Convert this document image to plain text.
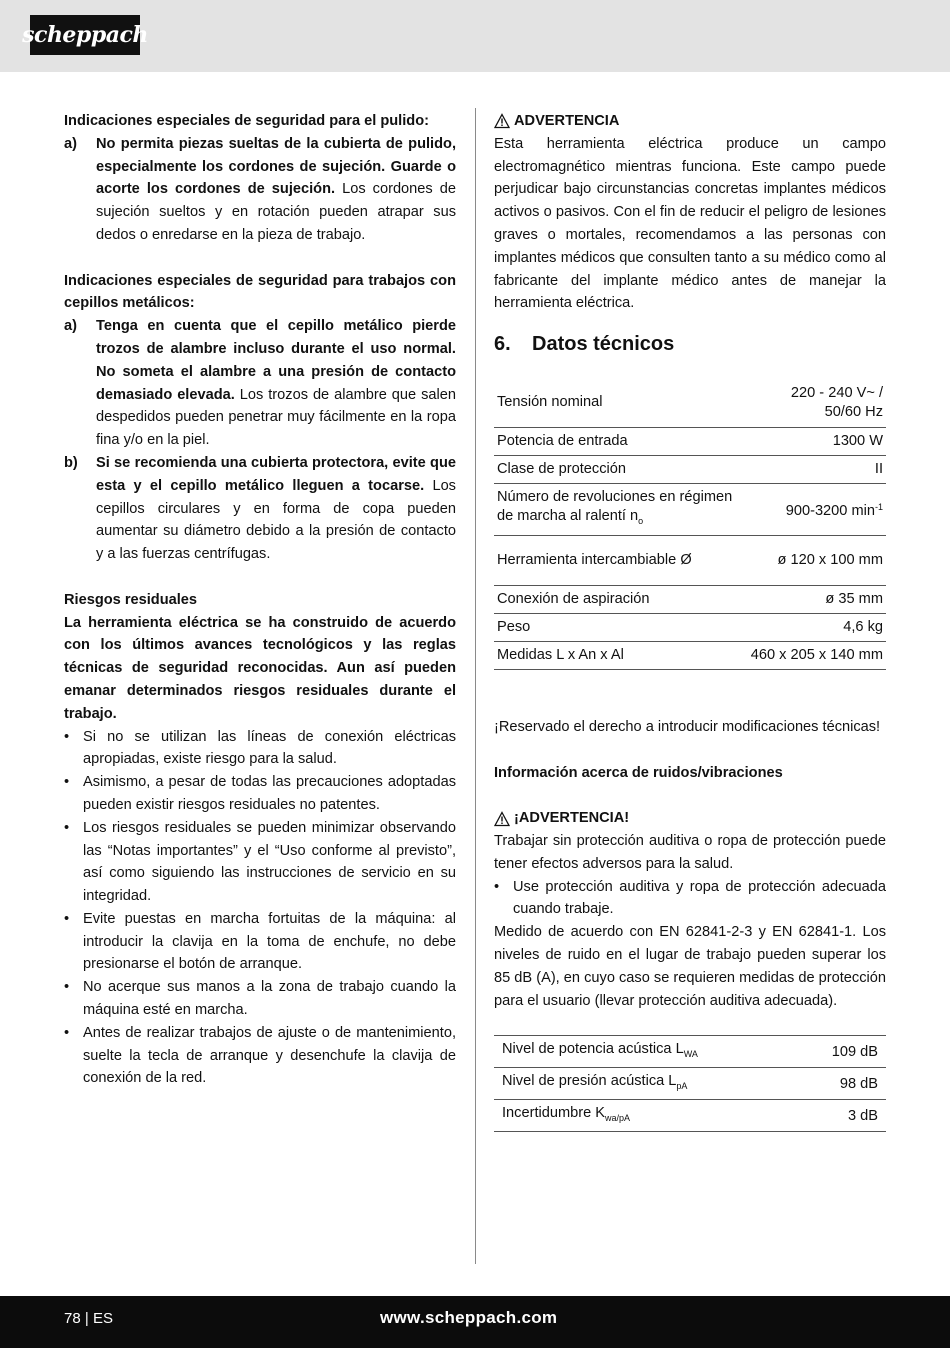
scheppach

Indicaciones especiales de seguridad para el pulido:

a)	No permita piezas sueltas de la cubierta de pulido, especialmente los cordones de sujeción. Guarde o acorte los cordones de sujeción. Los cordones de sujeción sueltos y en rotación pueden atrapar sus dedos o enredarse en la pieza de trabajo.

Indicaciones especiales de seguridad para trabajos con cepillos metálicos:

a)	Tenga en cuenta que el cepillo metálico pierde trozos de alambre incluso durante el uso normal. No someta el alambre a una presión de contacto demasiado elevada. Los trozos de alambre que salen despedidos pueden penetrar muy fácilmente en la ropa fina y/o en la piel.
b)	Si se recomienda una cubierta protectora, evite que esta y el cepillo metálico lleguen a tocarse. Los cepillos circulares y en forma de copa pueden aumentar su diámetro debido a la presión de contacto y a las fuerzas centrífugas.

Riesgos residuales

La herramienta eléctrica se ha construido de acuerdo con los últimos avances tecnológicos y las reglas técnicas de seguridad reconocidas. Aun así pueden emanar determinados riesgos residuales durante el trabajo.

• Si no se utilizan las líneas de conexión eléctricas apropiadas, existe riesgo para la salud.
• Asimismo, a pesar de todas las precauciones adoptadas pueden existir riesgos residuales no patentes.
• Los riesgos residuales se pueden minimizar observando las “Notas importantes” y el “Uso conforme al previsto”, así como siguiendo las instrucciones de servicio en su integridad.
• Evite puestas en marcha fortuitas de la máquina: al introducir la clavija en la toma de enchufe, no debe presionarse el botón de arranque.
• No acerque sus manos a la zona de trabajo cuando la máquina esté en marcha.
• Antes de realizar trabajos de ajuste o de mantenimiento, suelte la tecla de arranque y desenchufe la clavija de conexión de la red.
ADVERTENCIA

Esta herramienta eléctrica produce un campo electromagnético mientras funciona. Este campo puede perjudicar bajo circunstancias concretas implantes médicos activos o pasivos. Con el fin de reducir el peligro de lesiones graves o mortales, recomendamos a las personas con implantes médicos que consulten tanto a su médico como al fabricante del implante médico antes de manejar la herramienta eléctrica.

6.	Datos técnicos
Tensión nominal	220 - 240 V~ / 50/60 Hz
Potencia de entrada	1300 W
Clase de protección	II
Número de revoluciones en régimen de marcha al ralentí $n_o$	900-3200 $\min^{-1}$
Herramienta intercambiable Ø	ø 120 x 100 mm
Conexión de aspiración	ø 35 mm
Peso	4,6 kg
Medidas L x An x Al	460 x 205 x 140 mm

¡Reservado el derecho a introducir modificaciones técnicas!

Información acerca de ruidos/vibraciones

¡ADVERTENCIA!

Trabajar sin protección auditiva o ropa de protección puede tener efectos adversos para la salud.

• Use protección auditiva y ropa de protección adecuada cuando trabaje.

Medido de acuerdo con EN 62841-2-3 y EN 62841-1. Los niveles de ruido en el lugar de trabajo pueden superar los 85 dB (A), en cuyo caso se requieren medidas de protección para el usuario (llevar protección auditiva adecuada).

Nivel de potencia acústica $L_{WA}$	109 dB
Nivel de presión acústica $L_{pA}$	98 dB
Incertidumbre $K_{wa/pA}$	3 dB
78 | ES	www.scheppach.com
